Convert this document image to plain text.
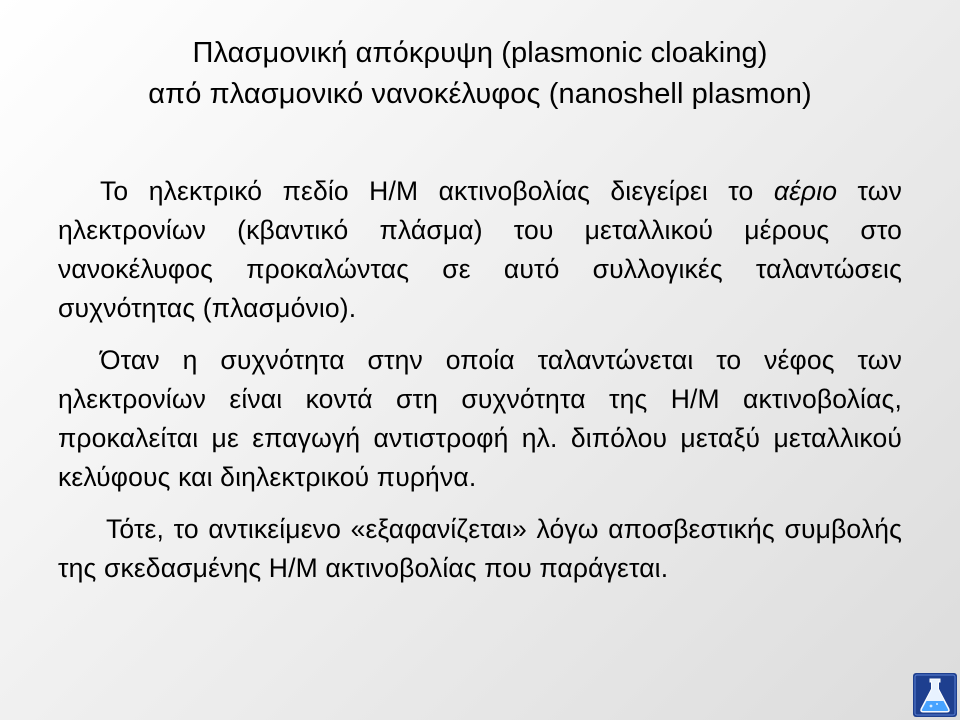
Πλασμονική απόκρυψη (plasmonic cloaking)
από πλασμονικό νανοκέλυφος (nanoshell plasmon)

Το ηλεκτρικό πεδίο Η/Μ ακτινοβολίας διεγείρει το αέριο των ηλεκτρονίων (κβαντικό πλάσμα) του μεταλλικού μέρους στο νανοκέλυφος προκαλώντας σε αυτό συλλογικές ταλαντώσεις συχνότητας (πλασμόνιο).

Όταν η συχνότητα στην οποία ταλαντώνεται το νέφος των ηλεκτρονίων είναι κοντά στη συχνότητα της Η/Μ ακτινοβολίας, προκαλείται με επαγωγή αντιστροφή ηλ. διπόλου μεταξύ μεταλλικού κελύφους και διηλεκτρικού πυρήνα.

Τότε, το αντικείμενο «εξαφανίζεται» λόγω αποσβεστικής συμβολής της σκεδασμένης Η/Μ ακτινοβολίας που παράγεται.
